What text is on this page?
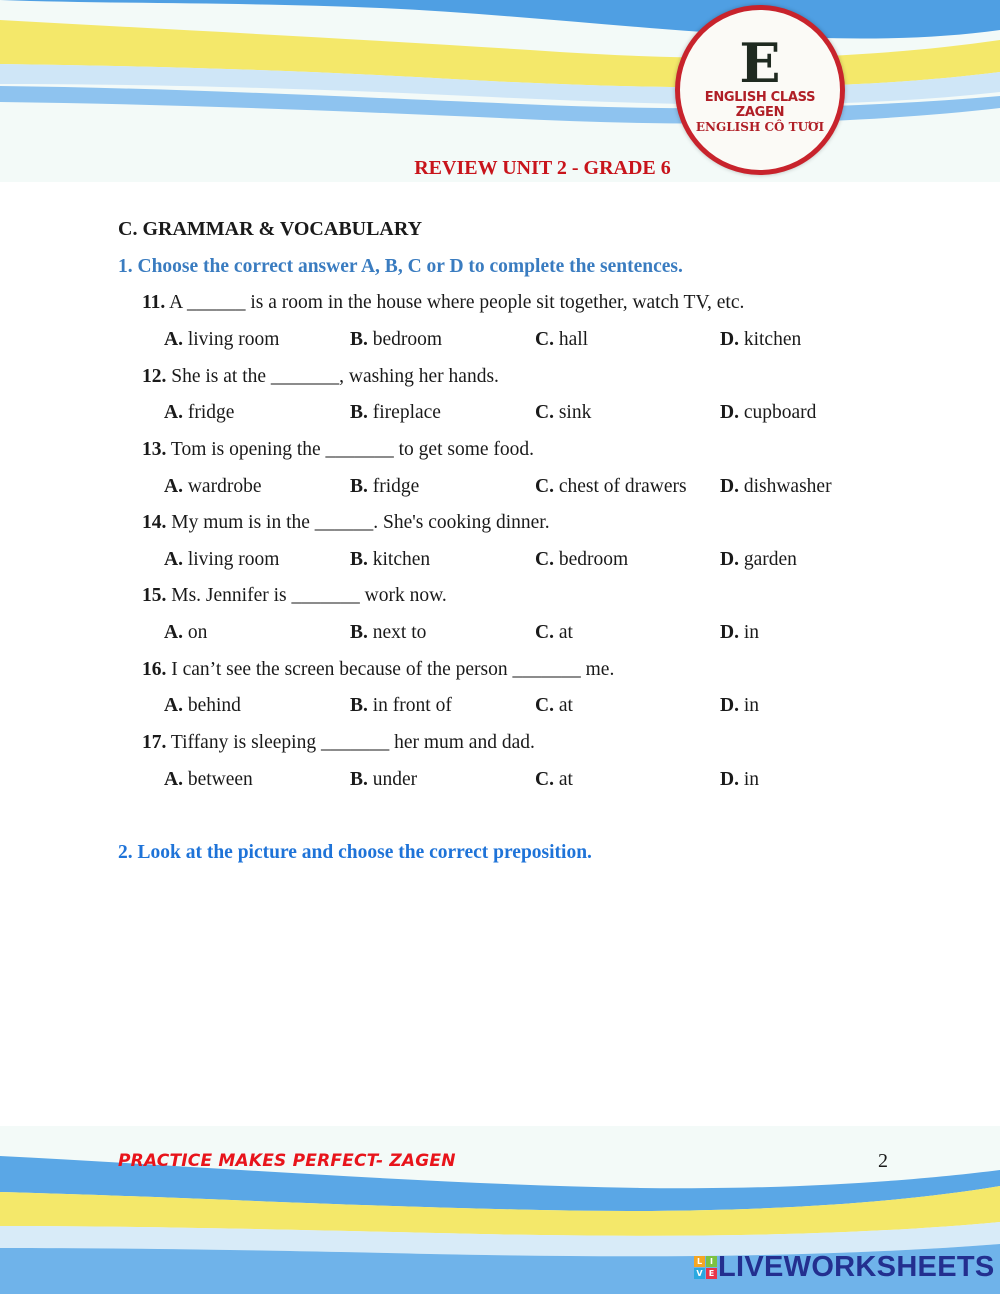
E
ENGLISH CLASS ZAGEN
ENGLISH CÔ TƯƠI
REVIEW UNIT 2 - GRADE 6
C. GRAMMAR & VOCABULARY
1. Choose the correct answer A, B, C or D to complete the sentences.
11. A ______ is a room in the house where people sit together, watch TV, etc.
A. living room	B. bedroom	C. hall	D. kitchen
12. She is at the _______, washing her hands.
A. fridge	B. fireplace	C. sink	D. cupboard
13. Tom is opening the _______ to get some food.
A. wardrobe	B. fridge	C. chest of drawers D. dishwasher
14. My mum is in the ______. She's cooking dinner.
A. living room	B. kitchen	C. bedroom	D. garden
15. Ms. Jennifer is _______ work now.
A. on	B. next to	C. at	D. in
16. I can’t see the screen because of the person _______ me.
A. behind	B. in front of	C. at	D. in
17. Tiffany is sleeping _______ her mum and dad.
A. between	B. under	C. at	D. in
2. Look at the picture and choose the correct preposition.
PRACTICE MAKES PERFECT- ZAGEN	2
L I
V E LIVEWORKSHEETS
